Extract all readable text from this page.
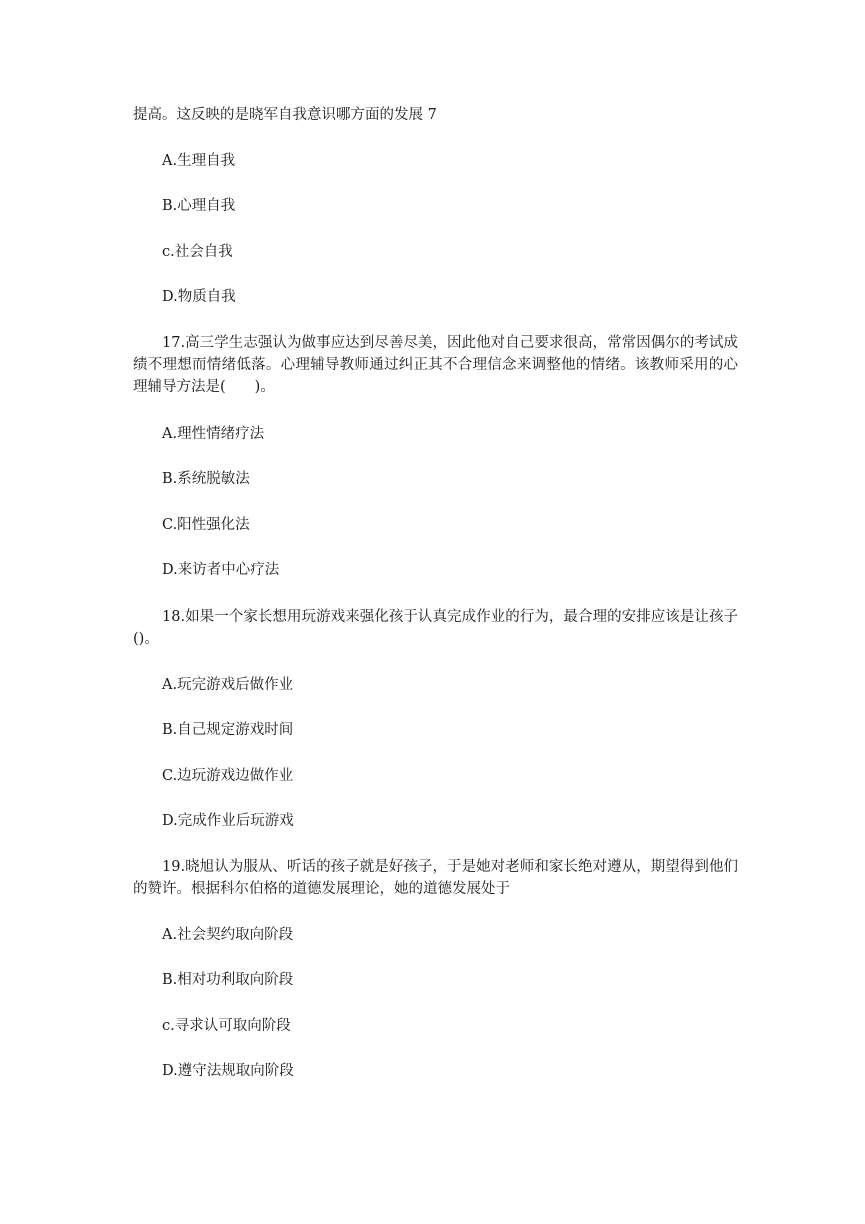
提高。这反映的是晓军自我意识哪方面的发展 7
A.生理自我
B.心理自我
c.社会自我
D.物质自我
17.高三学生志强认为做事应达到尽善尽美，因此他对自己要求很高，常常因偶尔的考试成绩不理想而情绪低落。心理辅导教师通过纠正其不合理信念来调整他的情绪。该教师采用的心理辅导方法是(　　)。
A.理性情绪疗法
B.系统脱敏法
C.阳性强化法
D.来访者中心疗法
18.如果一个家长想用玩游戏来强化孩于认真完成作业的行为，最合理的安排应该是让孩子()。
A.玩完游戏后做作业
B.自己规定游戏时间
C.边玩游戏边做作业
D.完成作业后玩游戏
19.晓旭认为服从、听话的孩子就是好孩子，于是她对老师和家长绝对遵从，期望得到他们的赞许。根据科尔伯格的道德发展理论，她的道德发展处于
A.社会契约取向阶段
B.相对功利取向阶段
c.寻求认可取向阶段
D.遵守法规取向阶段
